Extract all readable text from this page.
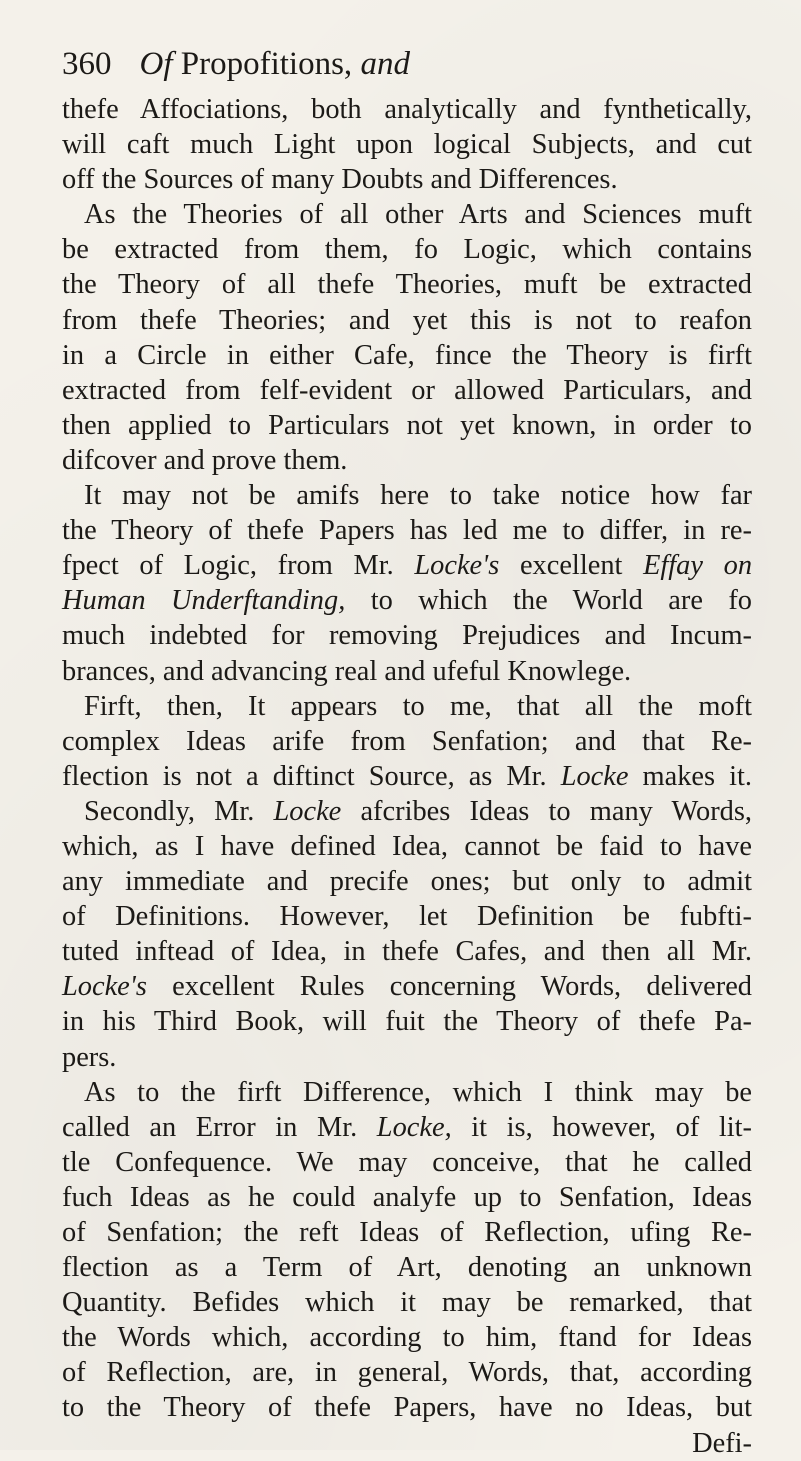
360 Of Propofitions, and
thefe Affociations, both analytically and fynthetically,
will caft much Light upon logical Subjects, and cut
off the Sources of many Doubts and Differences.
As the Theories of all other Arts and Sciences muft
be extracted from them, fo Logic, which contains
the Theory of all thefe Theories, muft be extracted
from thefe Theories; and yet this is not to reafon
in a Circle in either Cafe, fince the Theory is firft
extracted from felf-evident or allowed Particulars, and
then applied to Particulars not yet known, in order to
difcover and prove them.
It may not be amifs here to take notice how far
the Theory of thefe Papers has led me to differ, in re-
fpect of Logic, from Mr. Locke's excellent Effay on
Human Underftanding, to which the World are fo
much indebted for removing Prejudices and Incum-
brances, and advancing real and ufeful Knowlege.
Firft, then, It appears to me, that all the moft
complex Ideas arife from Senfation; and that Re-
flection is not a diftinct Source, as Mr. Locke makes it.
Secondly, Mr. Locke afcribes Ideas to many Words,
which, as I have defined Idea, cannot be faid to have
any immediate and precife ones; but only to admit
of Definitions. However, let Definition be fubfti-
tuted inftead of Idea, in thefe Cafes, and then all Mr.
Locke's excellent Rules concerning Words, delivered
in his Third Book, will fuit the Theory of thefe Pa-
pers.
As to the firft Difference, which I think may be
called an Error in Mr. Locke, it is, however, of lit-
tle Confequence. We may conceive, that he called
fuch Ideas as he could analyfe up to Senfation, Ideas
of Senfation; the reft Ideas of Reflection, ufing Re-
flection as a Term of Art, denoting an unknown
Quantity. Befides which it may be remarked, that
the Words which, according to him, ftand for Ideas
of Reflection, are, in general, Words, that, according
to the Theory of thefe Papers, have no Ideas, but
Defi-
